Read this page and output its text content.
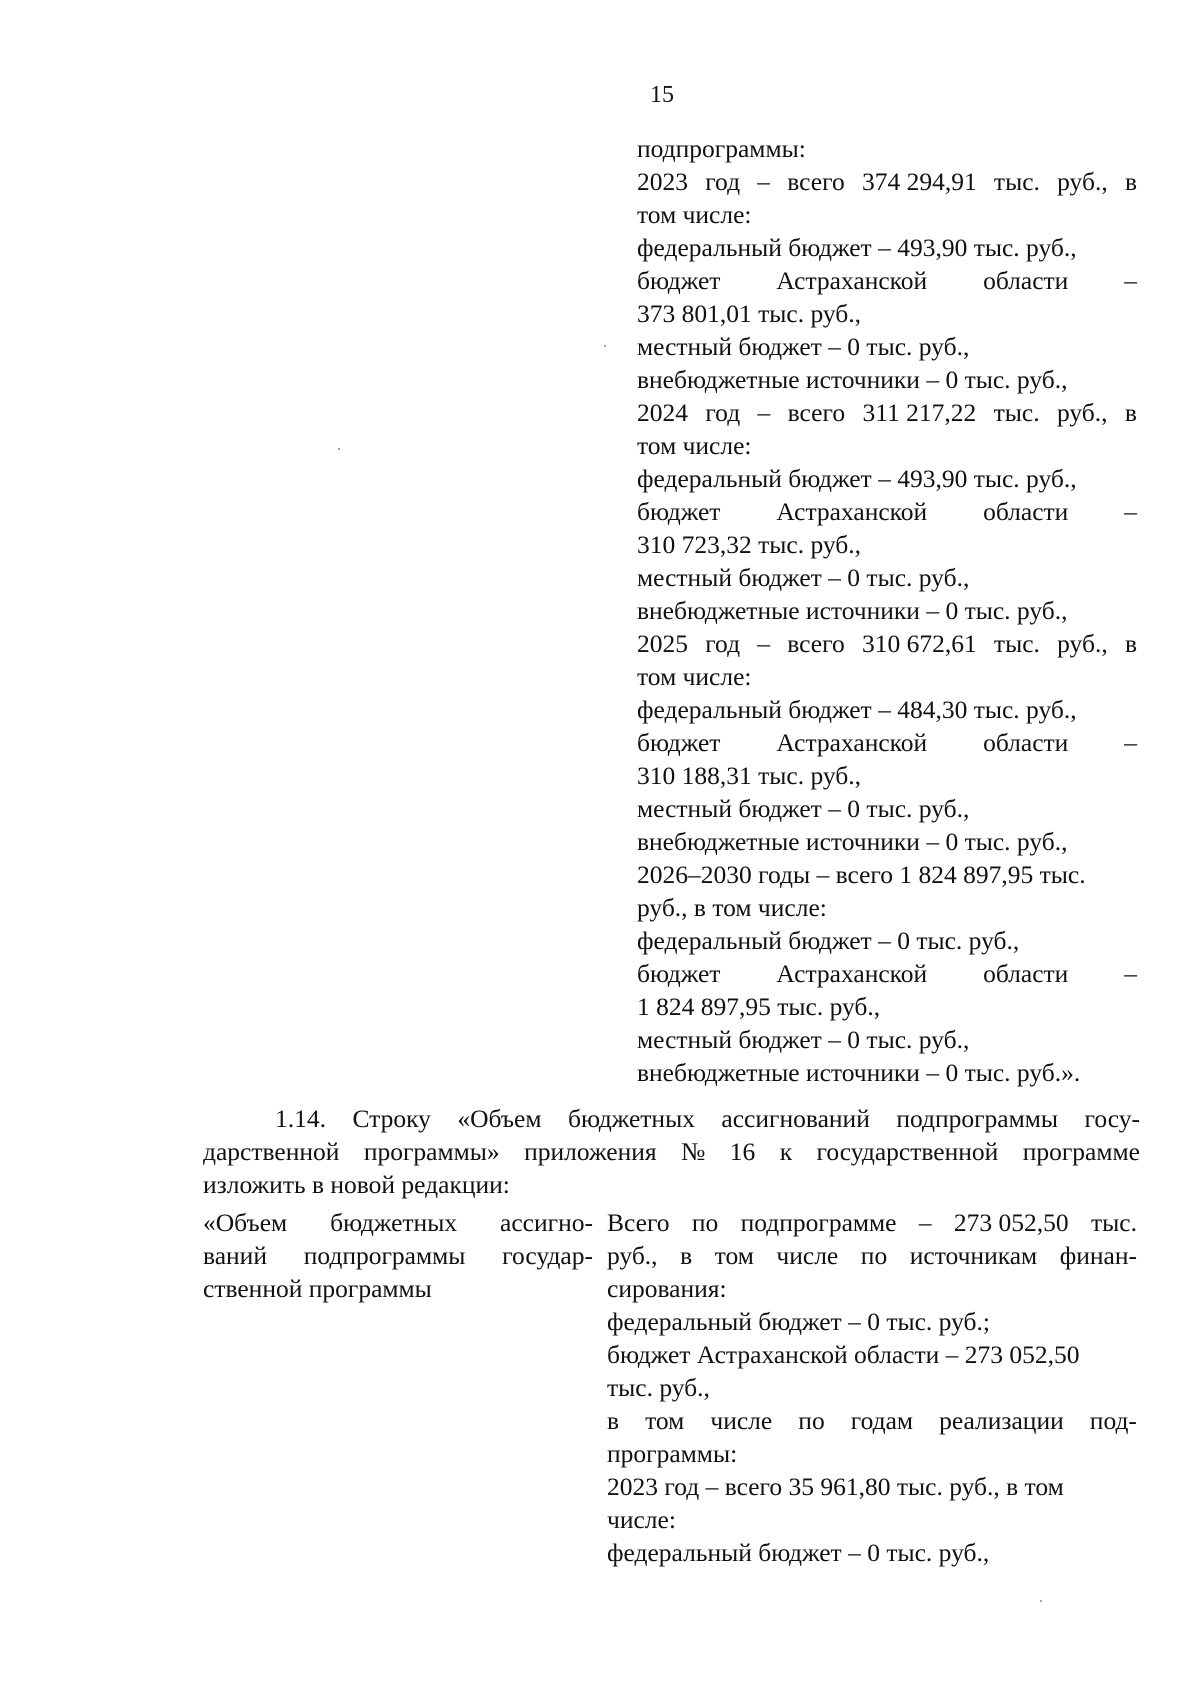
15
подпрограммы:
2023 год – всего 374 294,91 тыс. руб., в
том числе:
федеральный бюджет – 493,90 тыс. руб.,
бюджет Астраханской области –
373 801,01 тыс. руб.,
местный бюджет – 0 тыс. руб.,
внебюджетные источники – 0 тыс. руб.,
2024 год – всего 311 217,22 тыс. руб., в
том числе:
федеральный бюджет – 493,90 тыс. руб.,
бюджет Астраханской области –
310 723,32 тыс. руб.,
местный бюджет – 0 тыс. руб.,
внебюджетные источники – 0 тыс. руб.,
2025 год – всего 310 672,61 тыс. руб., в
том числе:
федеральный бюджет – 484,30 тыс. руб.,
бюджет Астраханской области –
310 188,31 тыс. руб.,
местный бюджет – 0 тыс. руб.,
внебюджетные источники – 0 тыс. руб.,
2026–2030 годы – всего 1 824 897,95 тыс.
руб., в том числе:
федеральный бюджет – 0 тыс. руб.,
бюджет Астраханской области –
1 824 897,95 тыс. руб.,
местный бюджет – 0 тыс. руб.,
внебюджетные источники – 0 тыс. руб.».
1.14. Строку «Объем бюджетных ассигнований подпрограммы госу-
дарственной программы» приложения № 16 к государственной программе
изложить в новой редакции:
«Объем бюджетных ассигно-
ваний подпрограммы государ-
ственной программы
Всего по подпрограмме – 273 052,50 тыс.
руб., в том числе по источникам финан-
сирования:
федеральный бюджет – 0 тыс. руб.;
бюджет Астраханской области – 273 052,50
тыс. руб.,
в том числе по годам реализации под-
программы:
2023 год – всего 35 961,80 тыс. руб., в том
числе:
федеральный бюджет – 0 тыс. руб.,
